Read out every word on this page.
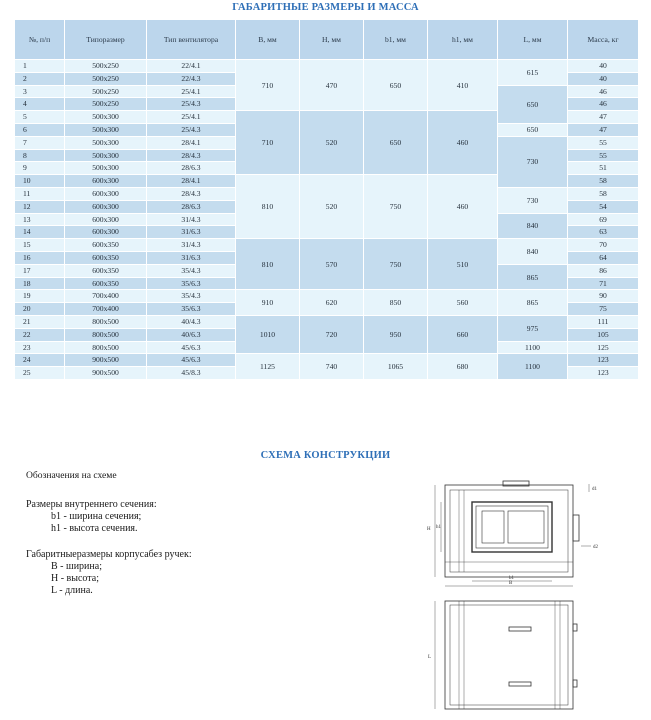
ГАБАРИТНЫЕ РАЗМЕРЫ И МАССА
№, п/п	Типоразмер	Тип вентилятора	B, мм	H, мм	b1, мм	h1, мм	L, мм	Масса, кг
1	500x250	22/4.1	710	470	650	410	615	40
2	500x250	22/4.3						40
3	500x250	25/4.1					650	46
4	500x250	25/4.3						46
5	500x300	25/4.1	710	520	650	460		47
6	500x300	25/4.3					650	47
7	500x300	28/4.1					730	55
8	500x300	28/4.3						55
9	500x300	28/6.3						51
10	600x300	28/4.1	810	520	750	460		58
11	600x300	28/4.3					730	58
12	600x300	28/6.3						54
13	600x300	31/4.3					840	69
14	600x300	31/6.3						63
15	600x350	31/4.3	810	570	750	510	840	70
16	600x350	31/6.3						64
17	600x350	35/4.3					865	86
18	600x350	35/6.3						71
19	700x400	35/4.3	910	620	850	560	865	90
20	700x400	35/6.3						75
21	800x500	40/4.3	1010	720	950	660	975	111
22	800x500	40/6.3						105
23	800x500	45/6.3					1100	125
24	900x500	45/6.3	1125	740	1065	680	1100	123
25	900x500	45/8.3						123
СХЕМА КОНСТРУКЦИИ
Обозначения на схеме
Размеры внутреннего сечения:
b1 - ширина сечения;
h1 - высота сечения.
Габаритныеразмеры корпусабез ручек:
B - ширина;
H - высота;
L - длина.
H h1
b1
B
d1
d2
L
